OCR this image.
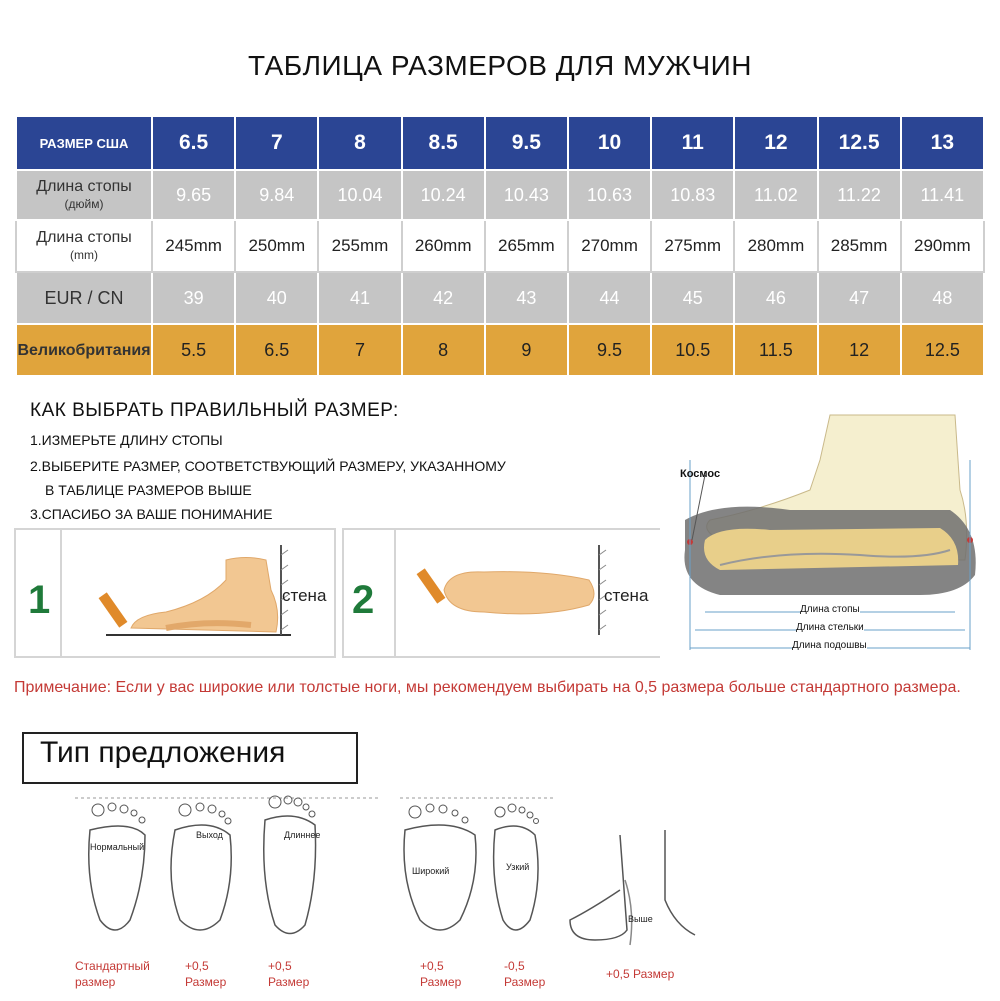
ТАБЛИЦА РАЗМЕРОВ ДЛЯ МУЖЧИН
РАЗМЕР США	6.5	7	8	8.5	9.5	10	11	12	12.5	13
Длина стопы
(дюйм)	9.65	9.84	10.04	10.24	10.43	10.63	10.83	11.02	11.22	11.41
Длина стопы
(mm)	245mm	250mm	255mm	260mm	265mm	270mm	275mm	280mm	285mm	290mm
EUR / CN	39	40	41	42	43	44	45	46	47	48
Великобритания	5.5	6.5	7	8	9	9.5	10.5	11.5	12	12.5
КАК ВЫБРАТЬ ПРАВИЛЬНЫЙ РАЗМЕР:
1.ИЗМЕРЬТЕ ДЛИНУ СТОПЫ
2.ВЫБЕРИТЕ РАЗМЕР, СООТВЕТСТВУЮЩИЙ РАЗМЕРУ, УКАЗАННОМУ
В ТАБЛИЦЕ РАЗМЕРОВ ВЫШЕ
3.СПАСИБО ЗА ВАШЕ ПОНИМАНИЕ
1	стена 2	стена
Космос
Длина стопы
Длина стельки
Длина подошвы
Примечание: Если у вас широкие или толстые ноги, мы рекомендуем выбирать на 0,5 размера больше стандартного размера.
Тип предложения
Нормальный
Выход	Длиннее
Широкий	Узкий
Выше
Стандартный
размер
+0,5
Размер
+0,5
Размер
+0,5
Размер
-0,5
Размер
+0,5 Размер
